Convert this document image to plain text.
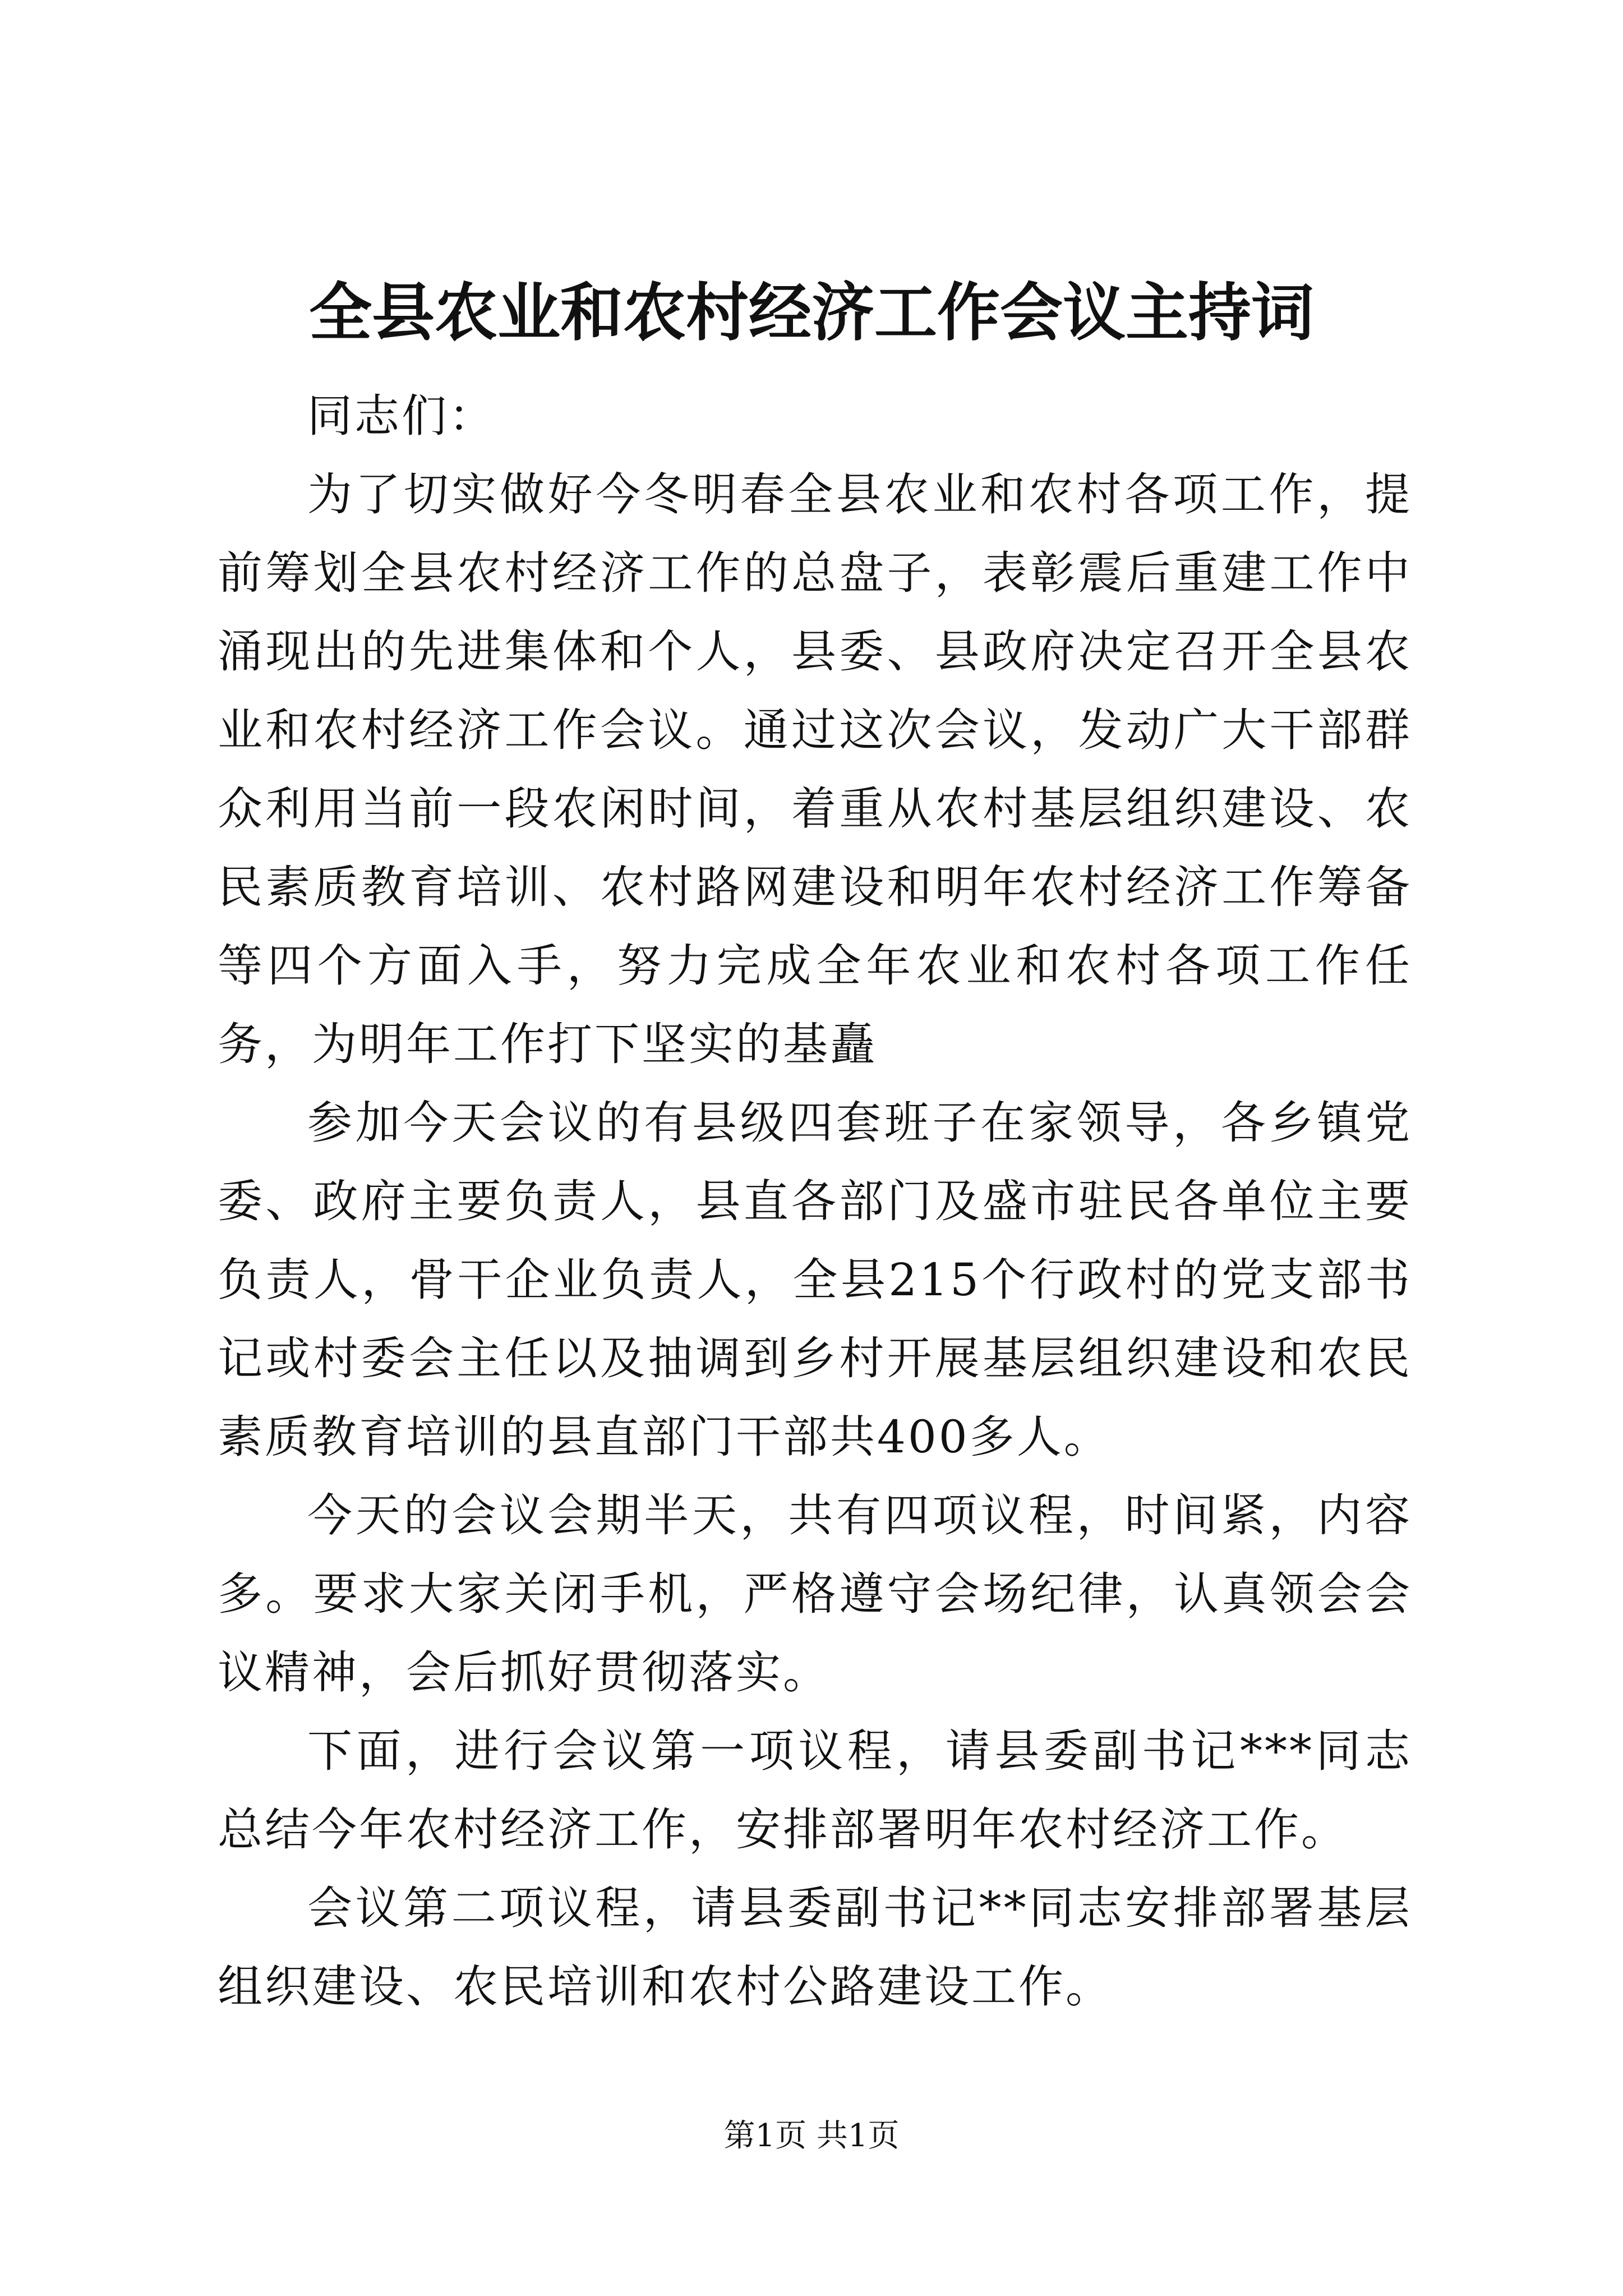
全县农业和农村经济工作会议主持词

同志们：

为了切实做好今冬明春全县农业和农村各项工作，提前筹划全县农村经济工作的总盘子，表彰震后重建工作中涌现出的先进集体和个人，县委、县政府决定召开全县农业和农村经济工作会议。通过这次会议，发动广大干部群众利用当前一段农闲时间，着重从农村基层组织建设、农民素质教育培训、农村路网建设和明年农村经济工作筹备等四个方面入手，努力完成全年农业和农村各项工作任务，为明年工作打下坚实的基矗

参加今天会议的有县级四套班子在家领导，各乡镇党委、政府主要负责人，县直各部门及盛市驻民各单位主要负责人，骨干企业负责人，全县215个行政村的党支部书记或村委会主任以及抽调到乡村开展基层组织建设和农民素质教育培训的县直部门干部共400多人。

今天的会议会期半天，共有四项议程，时间紧，内容多。要求大家关闭手机，严格遵守会场纪律，认真领会会议精神，会后抓好贯彻落实。

下面，进行会议第一项议程，请县委副书记***同志总结今年农村经济工作，安排部署明年农村经济工作。

会议第二项议程，请县委副书记**同志安排部署基层组织建设、农民培训和农村公路建设工作。

第1页 共1页
